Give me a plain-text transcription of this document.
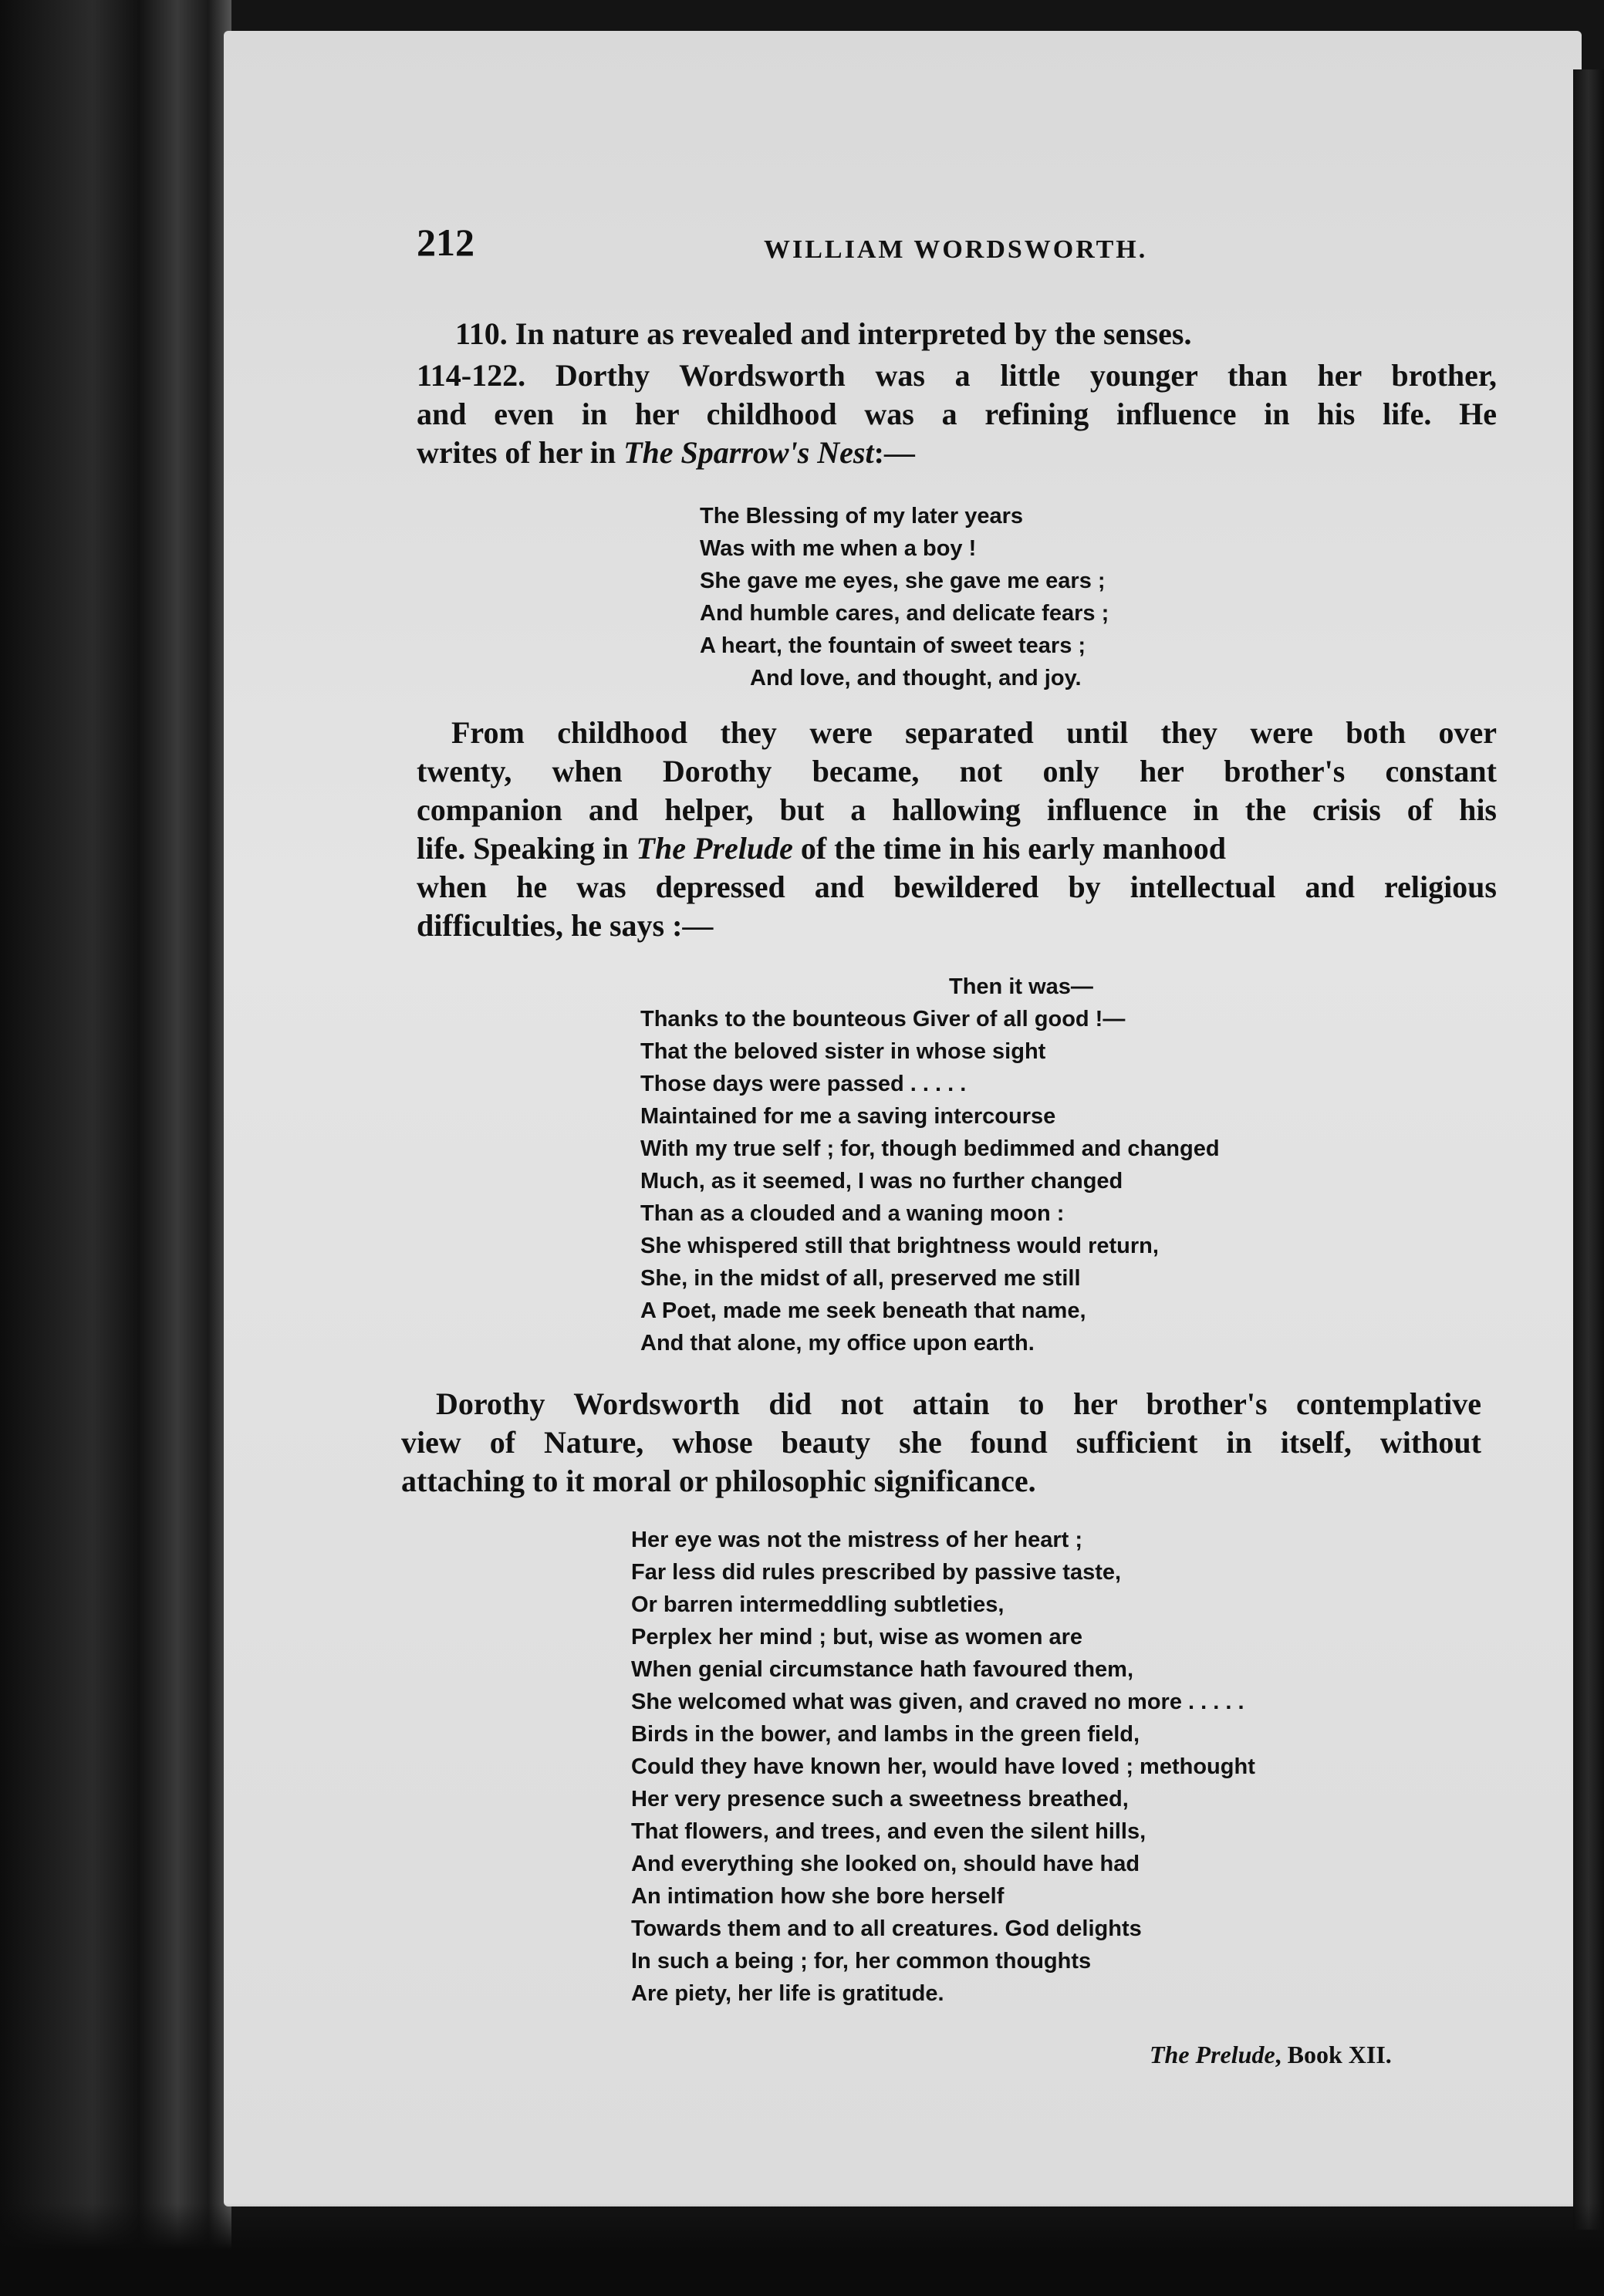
212	WILLIAM WORDSWORTH.
110. In nature as revealed and interpreted by the senses.
114-122. Dorthy Wordsworth was a little younger than her brother,
and even in her childhood was a refining influence in his life. He
writes of her in The Sparrow's Nest:—
The Blessing of my later years
Was with me when a boy !
She gave me eyes, she gave me ears ;
And humble cares, and delicate fears ;
A heart, the fountain of sweet tears ;
And love, and thought, and joy.
From childhood they were separated until they were both over
twenty, when Dorothy became, not only her brother's constant
companion and helper, but a hallowing influence in the crisis of his
life. Speaking in The Prelude of the time in his early manhood
when he was depressed and bewildered by intellectual and religious
difficulties, he says :—
Then it was—
Thanks to the bounteous Giver of all good !—
That the beloved sister in whose sight
Those days were passed . . . . .
Maintained for me a saving intercourse
With my true self ; for, though bedimmed and changed
Much, as it seemed, I was no further changed
Than as a clouded and a waning moon :
She whispered still that brightness would return,
She, in the midst of all, preserved me still
A Poet, made me seek beneath that name,
And that alone, my office upon earth.
Dorothy Wordsworth did not attain to her brother's contemplative
view of Nature, whose beauty she found sufficient in itself, without
attaching to it moral or philosophic significance.
Her eye was not the mistress of her heart ;
Far less did rules prescribed by passive taste,
Or barren intermeddling subtleties,
Perplex her mind ; but, wise as women are
When genial circumstance hath favoured them,
She welcomed what was given, and craved no more . . . . .
Birds in the bower, and lambs in the green field,
Could they have known her, would have loved ; methought
Her very presence such a sweetness breathed,
That flowers, and trees, and even the silent hills,
And everything she looked on, should have had
An intimation how she bore herself
Towards them and to all creatures. God delights
In such a being ; for, her common thoughts
Are piety, her life is gratitude.
The Prelude, Book XII.
